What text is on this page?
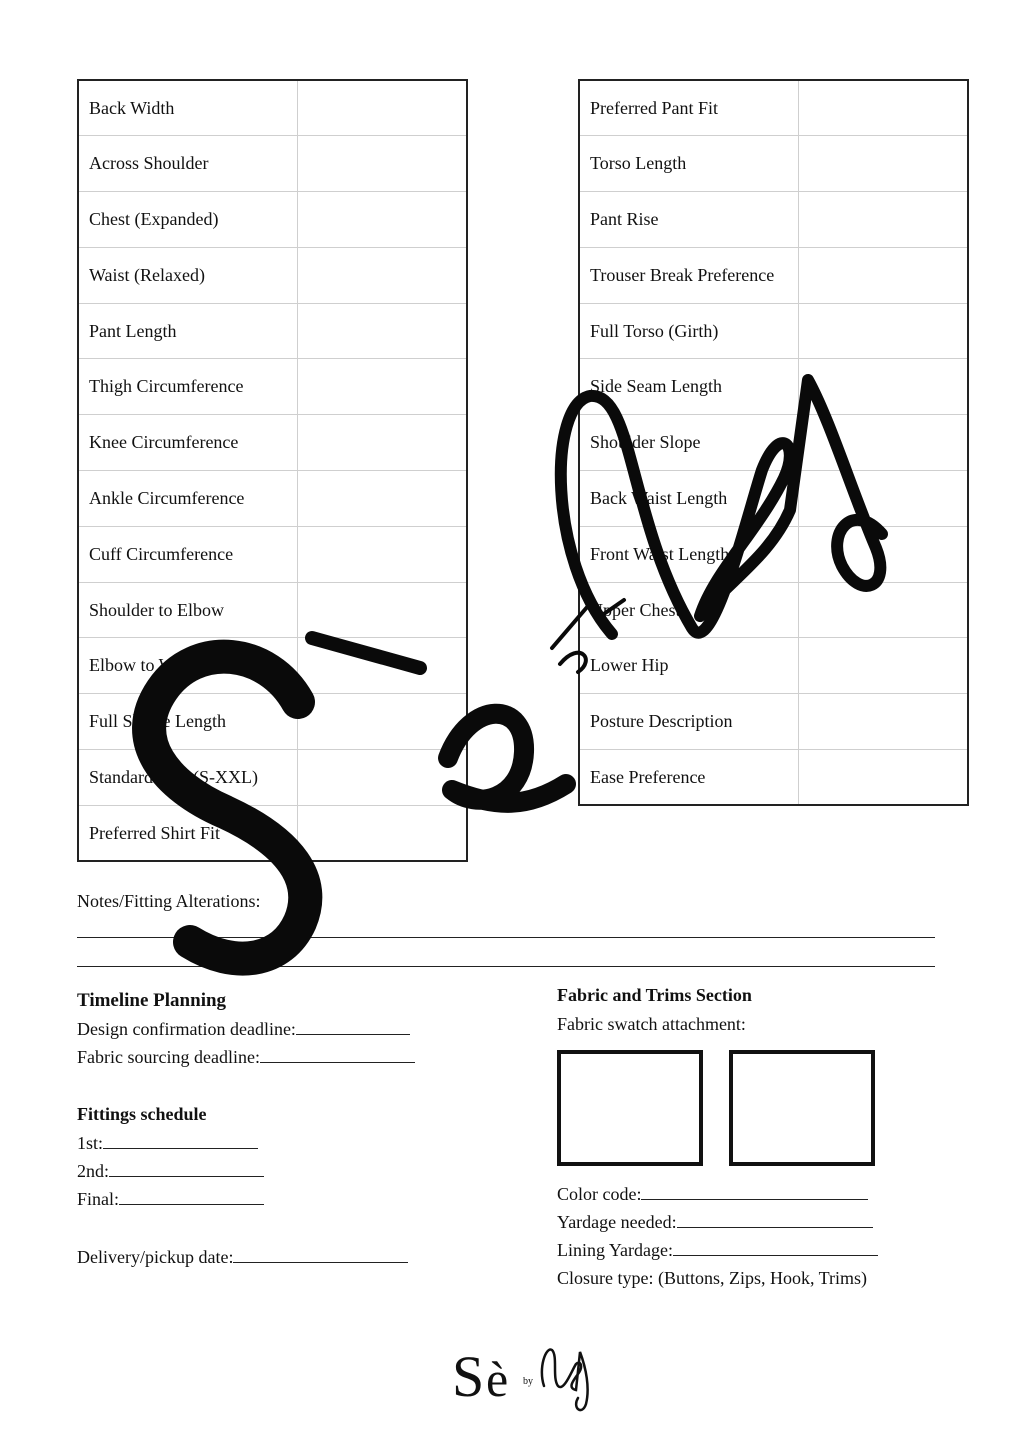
Back Width	
Across Shoulder	
Chest (Expanded)	
Waist (Relaxed)	
Pant Length	
Thigh Circumference	
Knee Circumference	
Ankle Circumference	
Cuff Circumference	
Shoulder to Elbow	
Elbow to Wrist	
Full Sleeve Length	
Standard Size (S-XXL)	
Preferred Shirt Fit	
Preferred Pant Fit	
Torso Length	
Pant Rise	
Trouser Break Preference	
Full Torso (Girth)	
Side Seam Length	
Shoulder Slope	
Back Waist Length	
Front Waist Length	
Upper Chest	
Lower Hip	
Posture Description	
Ease Preference	
Notes/Fitting Alterations:
Timeline Planning
Design confirmation deadline:
Fabric sourcing deadline:
Fittings schedule
1st:
2nd:
Final:
Delivery/pickup date:
Fabric and Trims Section
Fabric swatch attachment:
Color code:
Yardage needed:
Lining Yardage:
Closure type: (Buttons, Zips, Hook, Trims)
S è by
